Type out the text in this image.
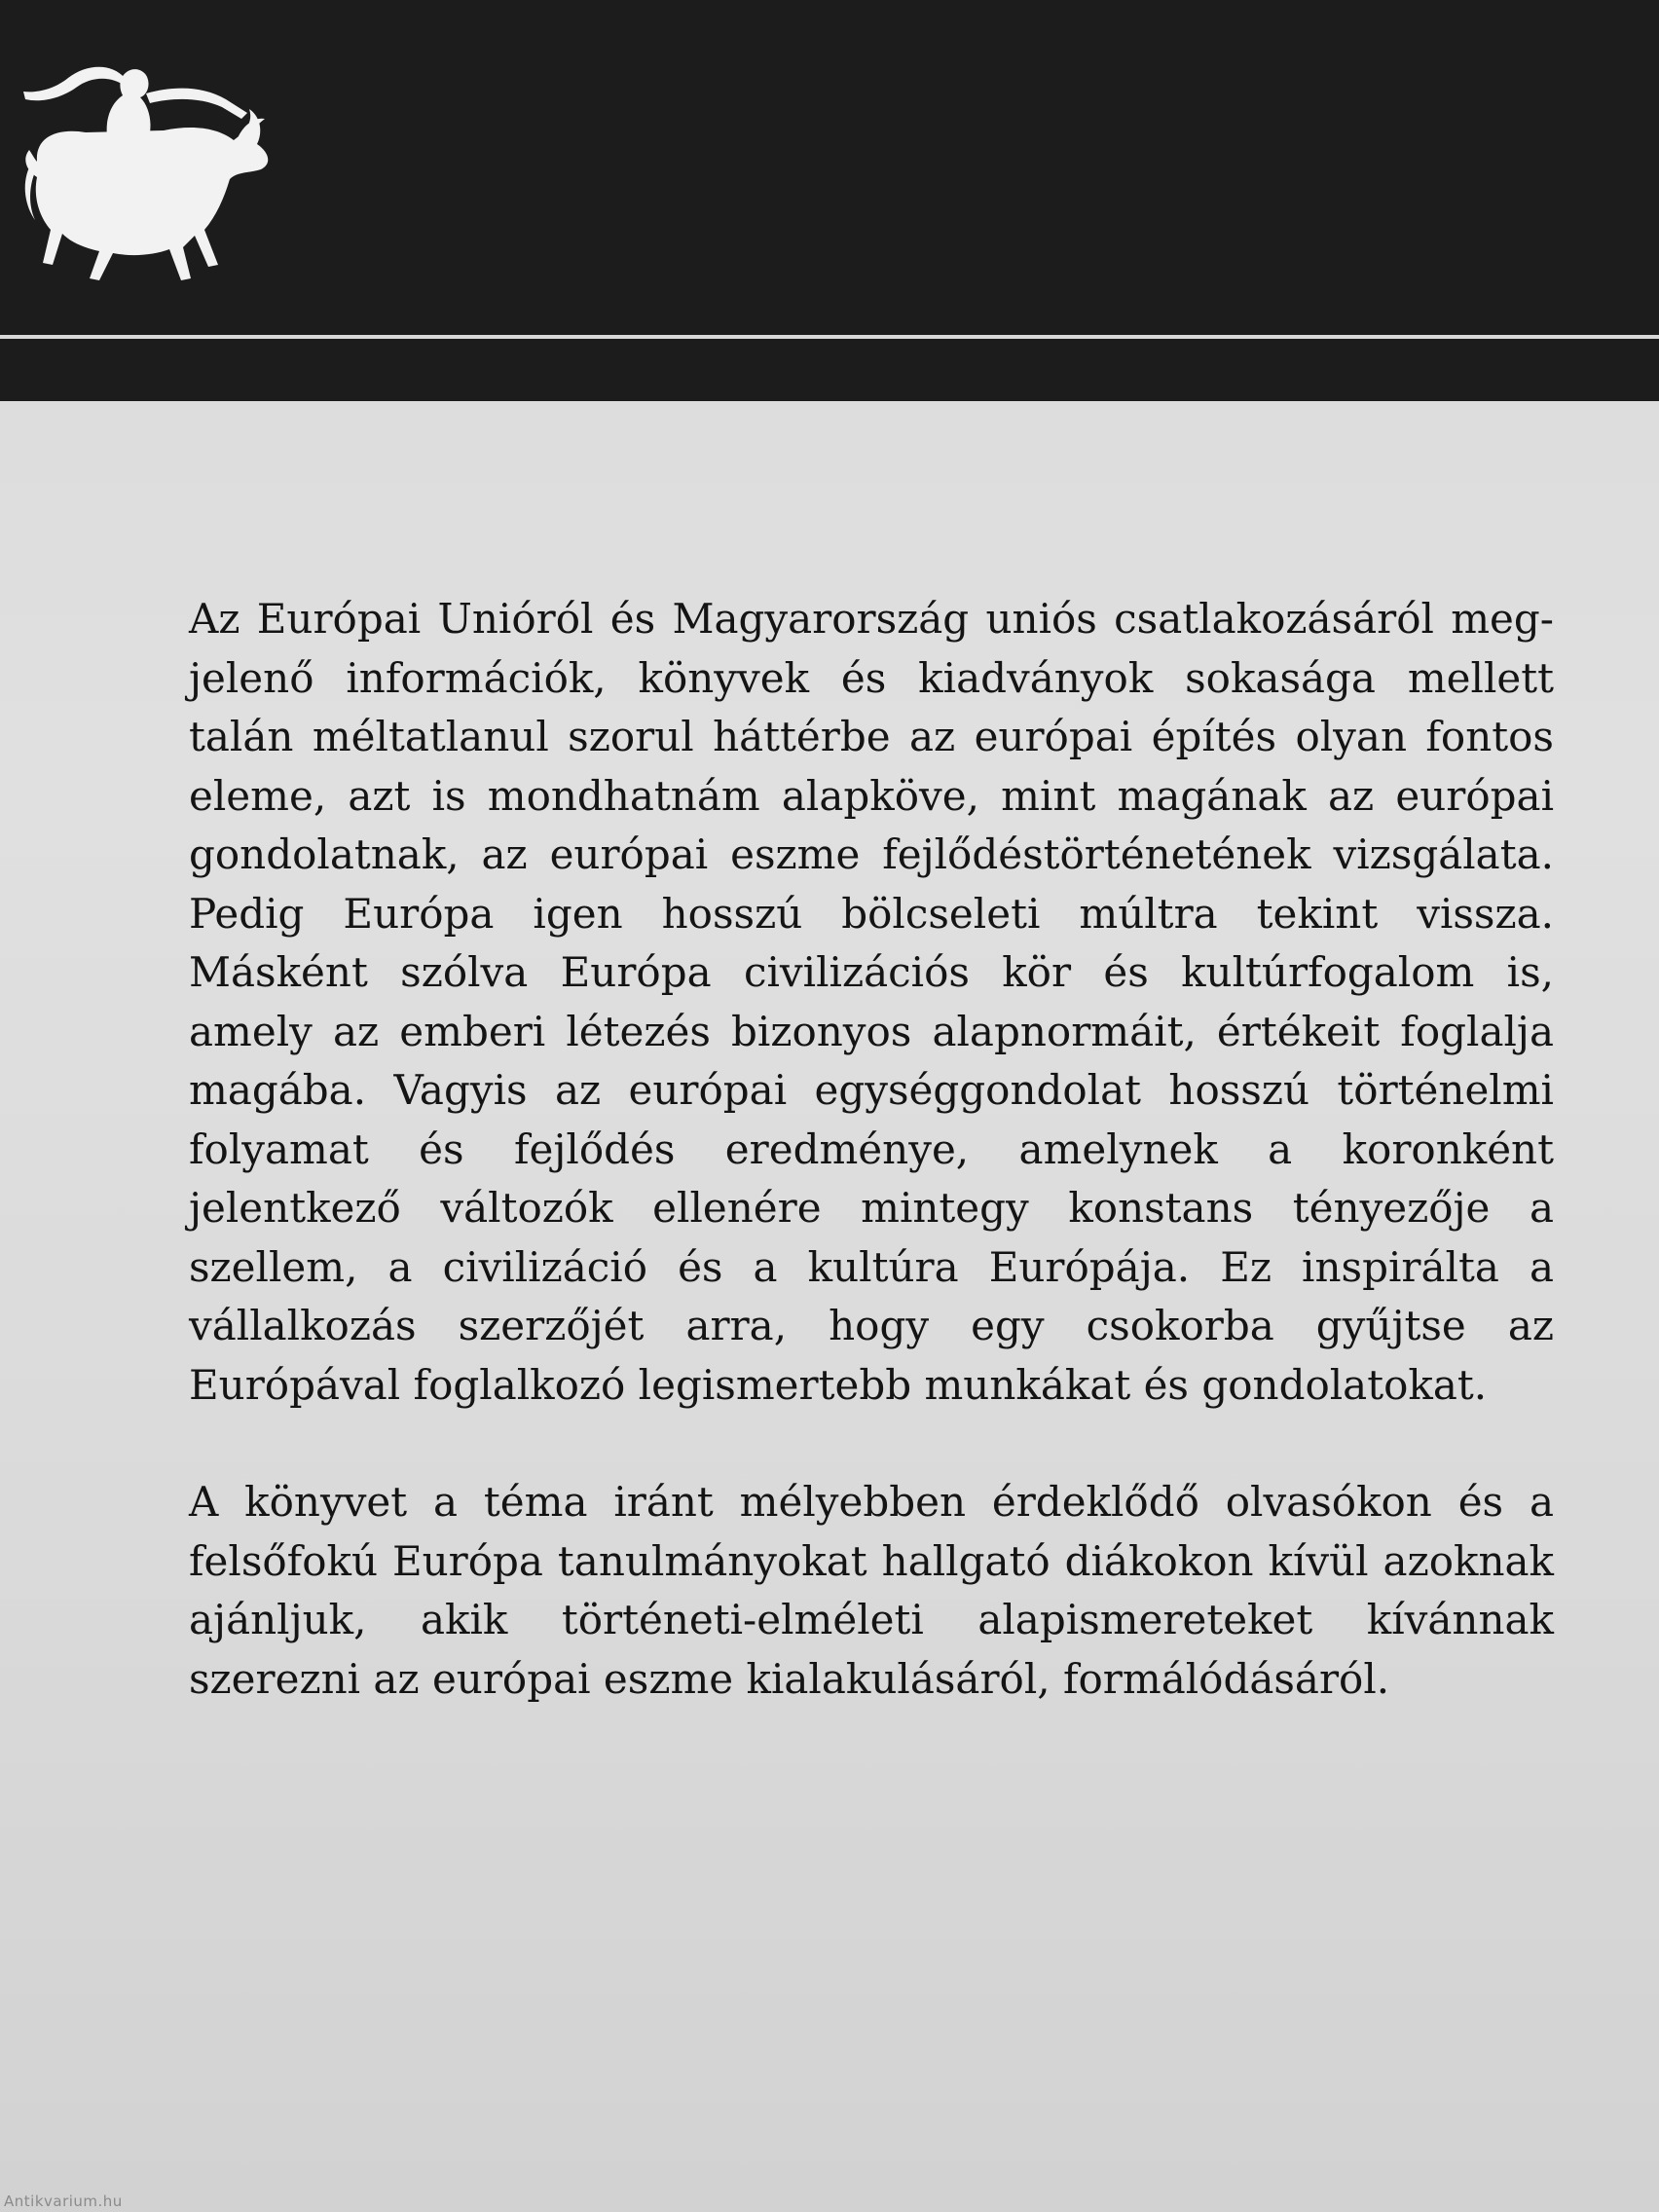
Az Európai Unióról és Magyarország uniós csatlakozásáról megjelenő információk, könyvek és kiadványok sokasága mellett talán méltatlanul szorul háttérbe az európai építés olyan fontos eleme, azt is mondhatnám alapköve, mint magának az európai gondolatnak, az európai eszme fejlődéstörténetének vizsgálata. Pedig Európa igen hosszú bölcseleti múltra tekint vissza. Másként szólva Európa civilizációs kör és kultúrfogalom is, amely az emberi létezés bizonyos alapnormáit, értékeit foglalja magába. Vagyis az európai egységgondolat hosszú történelmi folyamat és fejlődés eredménye, amelynek a koronként jelentkező változók ellenére mintegy konstans tényezője a szellem, a civilizáció és a kultúra Európája. Ez inspirálta a vállalkozás szerzőjét arra, hogy egy csokorba gyűjtse az Európával foglalkozó legismertebb munkákat és gondolatokat.

A könyvet a téma iránt mélyebben érdeklődő olvasókon és a felsőfokú Európa tanulmányokat hallgató diákokon kívül azoknak ajánljuk, akik történeti-elméleti alapismereteket kívánnak szerezni az európai eszme kialakulásáról, formálódásáról.

Antikvarium.hu
